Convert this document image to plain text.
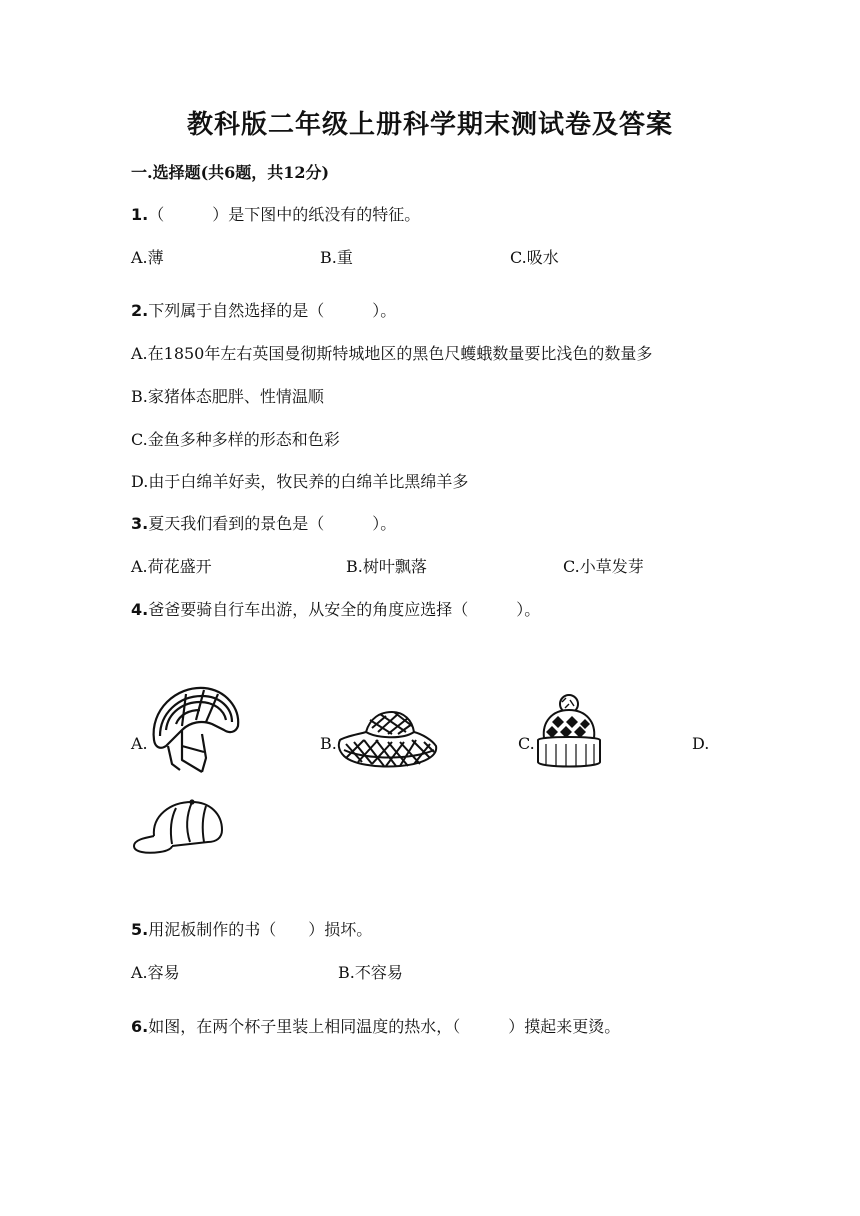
教科版二年级上册科学期末测试卷及答案
一.选择题(共6题，共12分)
1.（　　　）是下图中的纸没有的特征。
A.薄	B.重	C.吸水
2.下列属于自然选择的是（　　　）。
A.在1850年左右英国曼彻斯特城地区的黑色尺蠖蛾数量要比浅色的数量多
B.家猪体态肥胖、性情温顺
C.金鱼多种多样的形态和色彩
D.由于白绵羊好卖，牧民养的白绵羊比黑绵羊多
3.夏天我们看到的景色是（　　　）。
A.荷花盛开	B.树叶飘落	C.小草发芽
4.爸爸要骑自行车出游，从安全的角度应选择（　　　）。
A.	B.	C.	D.
5.用泥板制作的书（　　）损坏。
A.容易	B.不容易
6.如图，在两个杯子里装上相同温度的热水，（　　　）摸起来更烫。
